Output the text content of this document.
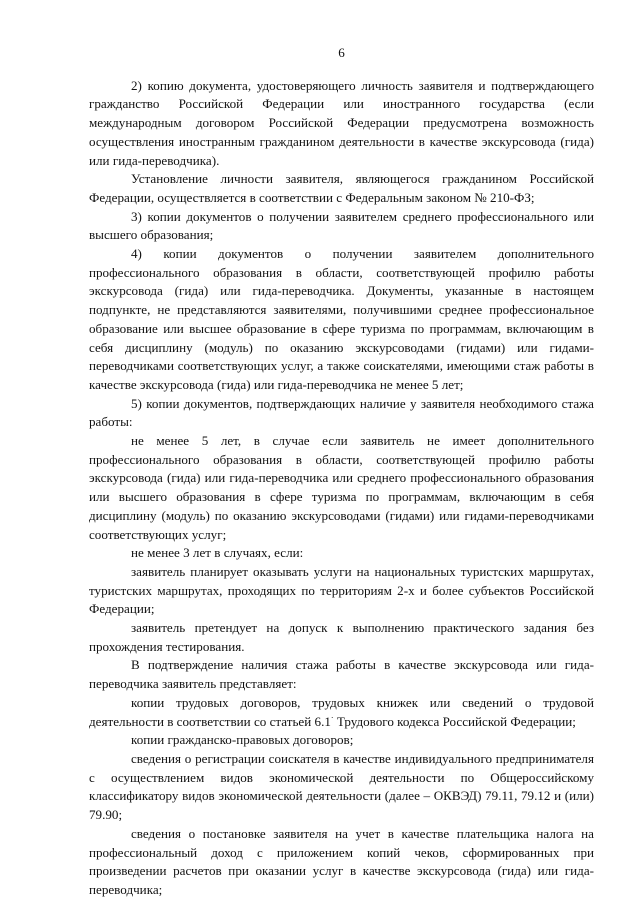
6

2) копию документа, удостоверяющего личность заявителя и подтверждающего гражданство Российской Федерации или иностранного государства (если международным договором Российской Федерации предусмотрена возможность осуществления иностранным гражданином деятельности в качестве экскурсовода (гида) или гида-переводчика).

Установление личности заявителя, являющегося гражданином Российской Федерации, осуществляется в соответствии с Федеральным законом № 210-ФЗ;

3) копии документов о получении заявителем среднего профессионального или высшего образования;

4) копии документов о получении заявителем дополнительного профессионального образования в области, соответствующей профилю работы экскурсовода (гида) или гида-переводчика. Документы, указанные в настоящем подпункте, не представляются заявителями, получившими среднее профессиональное образование или высшее образование в сфере туризма по программам, включающим в себя дисциплину (модуль) по оказанию экскурсоводами (гидами) или гидами-переводчиками соответствующих услуг, а также соискателями, имеющими стаж работы в качестве экскурсовода (гида) или гида-переводчика не менее 5 лет;

5) копии документов, подтверждающих наличие у заявителя необходимого стажа работы:

не менее 5 лет, в случае если заявитель не имеет дополнительного профессионального образования в области, соответствующей профилю работы экскурсовода (гида) или гида-переводчика или среднего профессионального образования или высшего образования в сфере туризма по программам, включающим в себя дисциплину (модуль) по оказанию экскурсоводами (гидами) или гидами-переводчиками соответствующих услуг;

не менее 3 лет в случаях, если:

заявитель планирует оказывать услуги на национальных туристских маршрутах, туристских маршрутах, проходящих по территориям 2-х и более субъектов Российской Федерации;

заявитель претендует на допуск к выполнению практического задания без прохождения тестирования.

В подтверждение наличия стажа работы в качестве экскурсовода или гида-переводчика заявитель представляет:

копии трудовых договоров, трудовых книжек или сведений о трудовой деятельности в соответствии со статьей 6.1· Трудового кодекса Российской Федерации;

копии гражданско-правовых договоров;

сведения о регистрации соискателя в качестве индивидуального предпринимателя с осуществлением видов экономической деятельности по Общероссийскому классификатору видов экономической деятельности (далее – ОКВЭД) 79.11, 79.12 и (или) 79.90;

сведения о постановке заявителя на учет в качестве плательщика налога на профессиональный доход с приложением копий чеков, сформированных при произведении расчетов при оказании услуг в качестве экскурсовода (гида) или гида-переводчика;
